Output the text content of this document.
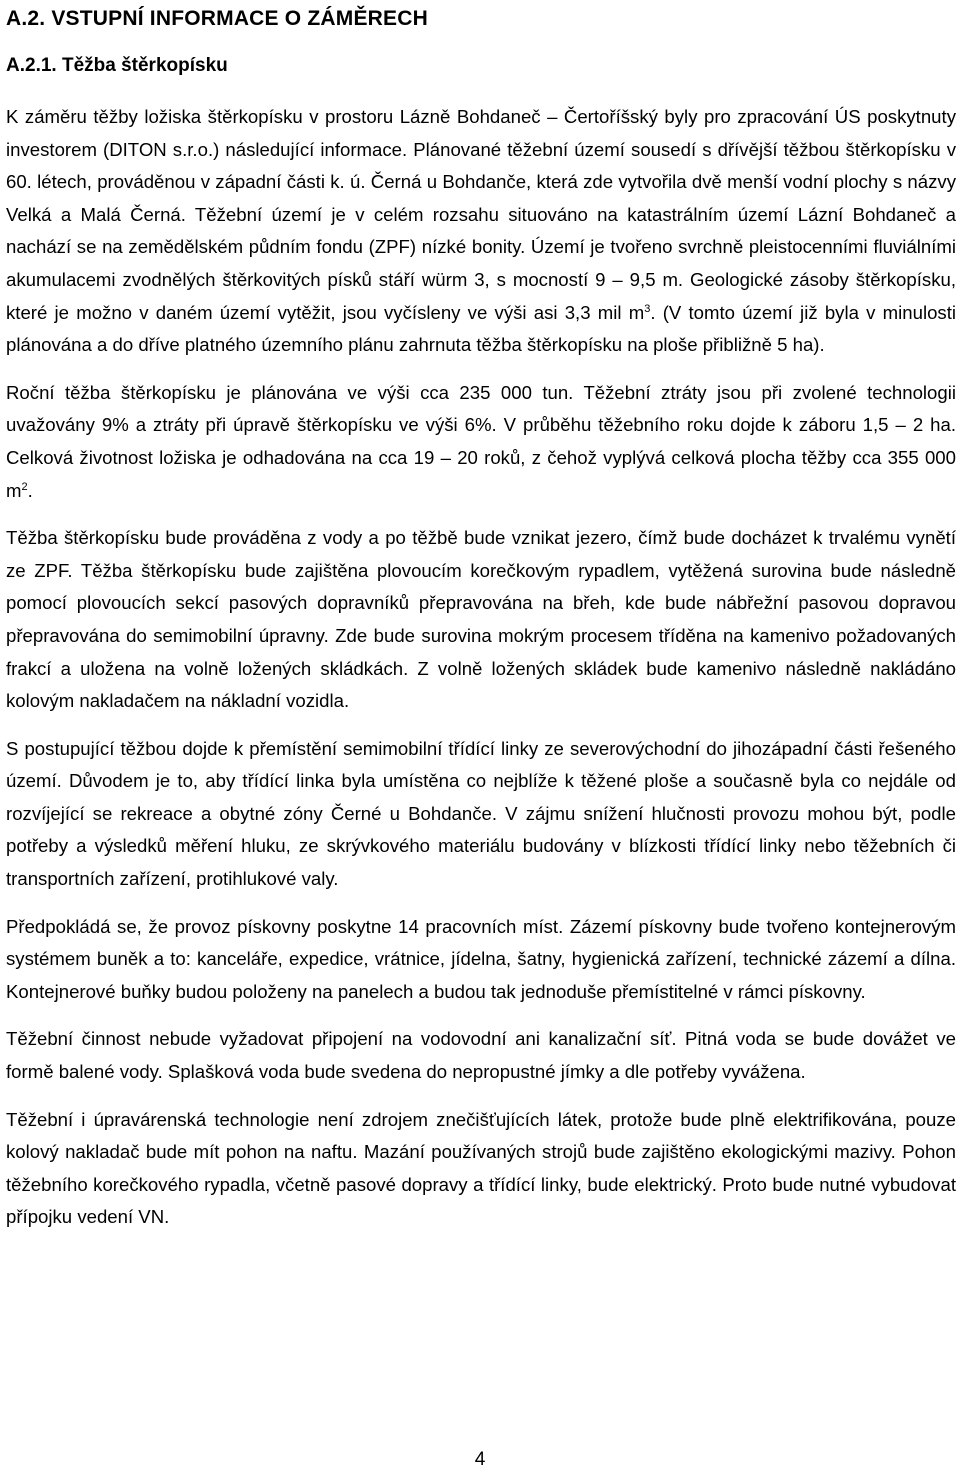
A.2. VSTUPNÍ INFORMACE O ZÁMĚRECH
A.2.1. Těžba štěrkopísku

K záměru těžby ložiska štěrkopísku v prostoru Lázně Bohdaneč – Čertoříšský byly pro zpracování ÚS poskytnuty investorem (DITON s.r.o.) následující informace. Plánované těžební území sousedí s dřívější těžbou štěrkopísku v 60. létech, prováděnou v západní části k. ú. Černá u Bohdanče, která zde vytvořila dvě menší vodní plochy s názvy Velká a Malá Černá. Těžební území je v celém rozsahu situováno na katastrálním území Lázní Bohdaneč a nachází se na zemědělském půdním fondu (ZPF) nízké bonity. Území je tvořeno svrchně pleistocenními fluviálními akumulacemi zvodnělých štěrkovitých písků stáří würm 3, s mocností 9 – 9,5 m. Geologické zásoby štěrkopísku, které je možno v daném území vytěžit, jsou vyčísleny ve výši asi 3,3 mil $m^3$. (V tomto území již byla v minulosti plánována a do dříve platného územního plánu zahrnuta těžba štěrkopísku na ploše přibližně 5 ha).

Roční těžba štěrkopísku je plánována ve výši cca 235 000 tun. Těžební ztráty jsou při zvolené technologii uvažovány 9% a ztráty při úpravě štěrkopísku ve výši 6%. V průběhu těžebního roku dojde k záboru 1,5 – 2 ha. Celková životnost ložiska je odhadována na cca 19 – 20 roků, z čehož vyplývá celková plocha těžby cca 355 000 $m^2$.

Těžba štěrkopísku bude prováděna z vody a po těžbě bude vznikat jezero, čímž bude docházet k trvalému vynětí ze ZPF. Těžba štěrkopísku bude zajištěna plovoucím korečkovým rypadlem, vytěžená surovina bude následně pomocí plovoucích sekcí pasových dopravníků přepravována na břeh, kde bude nábřežní pasovou dopravou přepravována do semimobilní úpravny. Zde bude surovina mokrým procesem tříděna na kamenivo požadovaných frakcí a uložena na volně ložených skládkách. Z volně ložených skládek bude kamenivo následně nakládáno kolovým nakladačem na nákladní vozidla.

S postupující těžbou dojde k přemístění semimobilní třídící linky ze severovýchodní do jihozápadní části řešeného území. Důvodem je to, aby třídící linka byla umístěna co nejblíže k těžené ploše a současně byla co nejdále od rozvíjející se rekreace a obytné zóny Černé u Bohdanče. V zájmu snížení hlučnosti provozu mohou být, podle potřeby a výsledků měření hluku, ze skrývkového materiálu budovány v blízkosti třídící linky nebo těžebních či transportních zařízení, protihlukové valy.

Předpokládá se, že provoz pískovny poskytne 14 pracovních míst. Zázemí pískovny bude tvořeno kontejnerovým systémem buněk a to: kanceláře, expedice, vrátnice, jídelna, šatny, hygienická zařízení, technické zázemí a dílna. Kontejnerové buňky budou položeny na panelech a budou tak jednoduše přemístitelné v rámci pískovny.

Těžební činnost nebude vyžadovat připojení na vodovodní ani kanalizační síť. Pitná voda se bude dovážet ve formě balené vody. Splašková voda bude svedena do nepropustné jímky a dle potřeby vyvážena.

Těžební i úpravárenská technologie není zdrojem znečišťujících látek, protože bude plně elektrifikována, pouze kolový nakladač bude mít pohon na naftu. Mazání používaných strojů bude zajištěno ekologickými mazivy. Pohon těžebního korečkového rypadla, včetně pasové dopravy a třídící linky, bude elektrický. Proto bude nutné vybudovat přípojku vedení VN.

4
